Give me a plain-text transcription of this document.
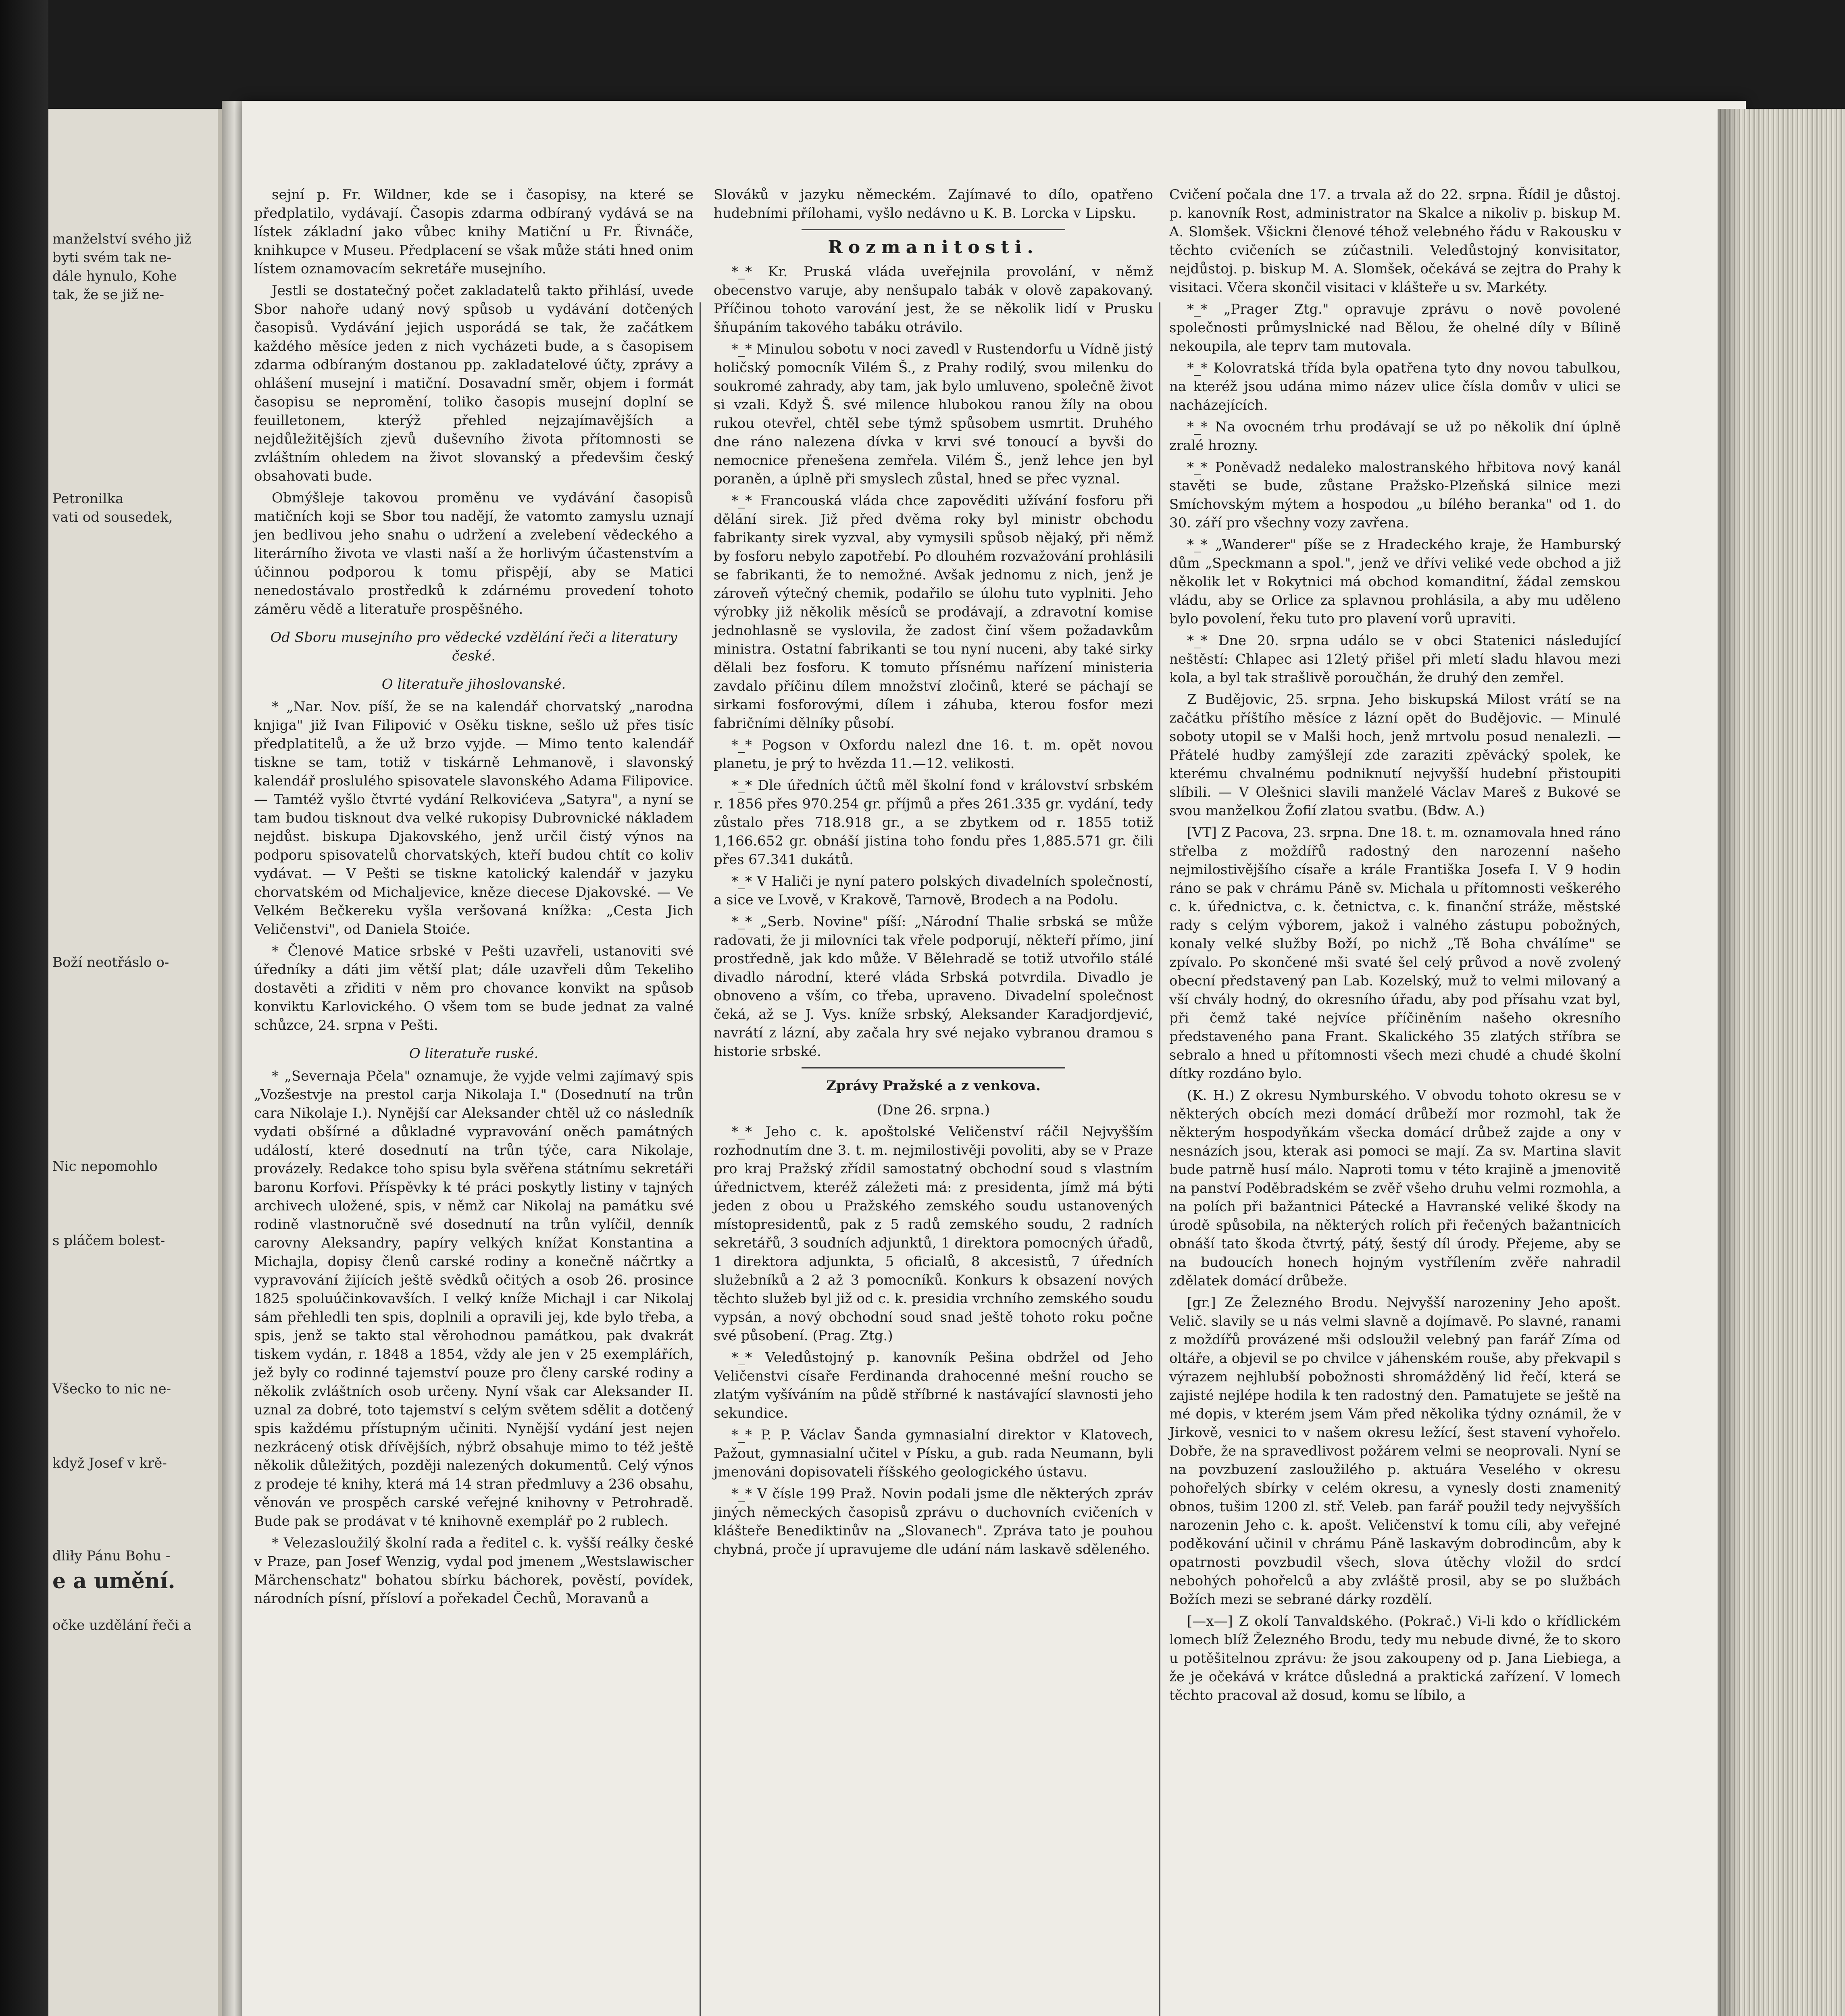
manželství svého již

byti svém tak ne-

dále hynulo, Kohe

tak, že se již ne-

Petronilka

vati od sousedek,

Boží neotřáslo o-

Nic nepomohlo

s pláčem bolest-

Všecko to nic ne-

když Josef v krě-

dliły Pánu Bohu -

e a umění.

očke uzdělání řeči a

sejní p. Fr. Wildner, kde se i časopisy, na které se předplatilo, vydávají. Časopis zdarma odbíraný vydává se na lístek základní jako vůbec knihy Matiční u Fr. Řivnáče, knihkupce v Museu. Předplacení se však může státi hned onim lístem oznamovacím sekretáře musejního.

Jestli se dostatečný počet zakladatelů takto přihlásí, uvede Sbor nahoře udaný nový spůsob u vydávání dotčených časopisů. Vydávání jejich usporádá se tak, že začátkem každého měsíce jeden z nich vycházeti bude, a s časopisem zdarma odbíraným dostanou pp. zakladatelové účty, zprávy a ohlášení musejní i matiční. Dosavadní směr, objem i formát časopisu se nepromění, toliko časopis musejní doplní se feuilletonem, kterýž přehled nejzajímavějších a nejdůležitějších zjevů duševního života přítomnosti se zvláštním ohledem na život slovanský a předevšim český obsahovati bude.

Obmýšleje takovou proměnu ve vydávání časopisů matičních koji se Sbor tou nadějí, že vatomto zamyslu uznají jen bedlivou jeho snahu o udržení a zvelebení vědeckého a literárního života ve vlasti naší a že horlivým účastenstvím a účinnou podporou k tomu přispějí, aby se Matici nenedostávalo prostředků k zdárnému provedení tohoto záměru vědě a literatuře prospěšného.

Od Sboru musejního pro vědecké vzdělání řeči a literatury české.

O literatuře jihoslovanské.

* „Nar. Nov. píší, že se na kalendář chorvatský „narodna knjiga" již Ivan Filipović v Osěku tiskne, sešlo už přes tisíc předplatitelů, a že už brzo vyjde. — Mimo tento kalendář tiskne se tam, totiž v tiskárně Lehmanově, i slavonský kalendář proslulého spisovatele slavonského Adama Filipovice. — Tamtéž vyšlo čtvrté vydání Relkovićeva „Satyra", a nyní se tam budou tisknout dva velké rukopisy Dubrovnické nákladem nejdůst. biskupa Djakovského, jenž určil čistý výnos na podporu spisovatelů chorvatských, kteří budou chtít co koliv vydávat. — V Pešti se tiskne katolický kalendář v jazyku chorvatském od Michaljevice, kněze diecese Djakovské. — Ve Velkém Bečkereku vyšla veršovaná knížka: „Cesta Jich Veličenstvi", od Daniela Stoiće.

* Členové Matice srbské v Pešti uzavřeli, ustanoviti své úředníky a dáti jim větší plat; dále uzavřeli dům Tekeliho dostavěti a zřiditi v něm pro chovance konvikt na spůsob konviktu Karlovického. O všem tom se bude jednat za valné schůzce, 24. srpna v Pešti.

O literatuře ruské.

* „Severnaja Pčela" oznamuje, že vyjde velmi zajímavý spis „Vozšestvje na prestol carja Nikolaja I." (Dosednutí na trůn cara Nikolaje I.). Nynější car Aleksander chtěl už co následník vydati obšírné a důkladné vypravování oněch památných událostí, které dosednutí na trůn týče, cara Nikolaje, provázely. Redakce toho spisu byla svěřena státnímu sekretáři baronu Korfovi. Příspěvky k té práci poskytly listiny v tajných archivech uložené, spis, v němž car Nikolaj na památku své rodině vlastnoručně své dosednutí na trůn vylíčil, denník carovny Aleksandry, papíry velkých knížat Konstantina a Michajla, dopisy členů carské rodiny a konečně náčrtky a vypravování žijících ještě svědků očitých a osob 26. prosince 1825 spoluúčinkovavších. I velký kníže Michajl i car Nikolaj sám přehledli ten spis, doplnili a opravili jej, kde bylo třeba, a spis, jenž se takto stal věrohodnou památkou, pak dvakrát tiskem vydán, r. 1848 a 1854, vždy ale jen v 25 exemplářích, jež byly co rodinné tajemství pouze pro členy carské rodiny a několik zvláštních osob určeny. Nyní však car Aleksander II. uznal za dobré, toto tajemství s celým světem sdělit a dotčený spis každému přístupným učiniti. Nynější vydání jest nejen nezkrácený otisk dřívějších, nýbrž obsahuje mimo to též ještě několik důležitých, později nalezených dokumentů. Celý výnos z prodeje té knihy, která má 14 stran předmluvy a 236 obsahu, věnován ve prospěch carské veřejné knihovny v Petrohradě. Bude pak se prodávat v té knihovně exemplář po 2 rublech.

* Velezasloužilý školní rada a ředitel c. k. vyšší reálky české v Praze, pan Josef Wenzig, vydal pod jmenem „Westslawischer Märchenschatz" bohatou sbírku báchorek, pověstí, povídek, národních písní, přísloví a pořekadel Čechů, Moravanů a

Slováků v jazyku německém. Zajímavé to dílo, opatřeno hudebními přílohami, vyšlo nedávno u K. B. Lorcka v Lipsku.

Rozmanitosti.

*_* Kr. Pruská vláda uveřejnila provolání, v němž obecenstvo varuje, aby nenšupalo tabák v olově zapakovaný. Příčinou tohoto varování jest, že se několik lidí v Prusku šňupáním takového tabáku otrávilo.

*_* Minulou sobotu v noci zavedl v Rustendorfu u Vídně jistý holičský pomocník Vilém Š., z Prahy rodilý, svou milenku do soukromé zahrady, aby tam, jak bylo umluveno, společně život si vzali. Když Š. své milence hlubokou ranou žíly na obou rukou otevřel, chtěl sebe týmž spůsobem usmrtit. Druhého dne ráno nalezena dívka v krvi své tonoucí a byvši do nemocnice přenešena zemřela. Vilém Š., jenž lehce jen byl poraněn, a úplně při smyslech zůstal, hned se přec vyznal.

*_* Francouská vláda chce zapověditi užívání fosforu při dělání sirek. Již před dvěma roky byl ministr obchodu fabrikanty sirek vyzval, aby vymysili spůsob nějaký, při němž by fosforu nebylo zapotřebí. Po dlouhém rozvažování prohlásili se fabrikanti, že to nemožné. Avšak jednomu z nich, jenž je zároveň výtečný chemik, podařilo se úlohu tuto vyplniti. Jeho výrobky již několik měsíců se prodávají, a zdravotní komise jednohlasně se vyslovila, že zadost činí všem požadavkům ministra. Ostatní fabrikanti se tou nyní nuceni, aby také sirky dělali bez fosforu. K tomuto přísnému nařízení ministeria zavdalo příčinu dílem množství zločinů, které se páchají se sirkami fosforovými, dílem i záhuba, kterou fosfor mezi fabričními dělníky působí.

*_* Pogson v Oxfordu nalezl dne 16. t. m. opět novou planetu, je prý to hvězda 11.—12. velikosti.

*_* Dle úředních účtů měl školní fond v království srbském r. 1856 přes 970.254 gr. příjmů a přes 261.335 gr. vydání, tedy zůstalo přes 718.918 gr., a se zbytkem od r. 1855 totiž 1,166.652 gr. obnáší jistina toho fondu přes 1,885.571 gr. čili přes 67.341 dukátů.

*_* V Haliči je nyní patero polských divadelních společností, a sice ve Lvově, v Krakově, Tarnově, Brodech a na Podolu.

*_* „Serb. Novine" píší: „Národní Thalie srbská se může radovati, že ji milovníci tak vřele podporují, někteří přímo, jiní prostředně, jak kdo může. V Bělehradě se totiž utvořilo stálé divadlo národní, které vláda Srbská potvrdila. Divadlo je obnoveno a vším, co třeba, upraveno. Divadelní společnost čeká, až se J. Vys. kníže srbský, Aleksander Karadjordjević, navrátí z lázní, aby začala hry své nejako vybranou dramou s historie srbské.

Zprávy Pražské a z venkova.

(Dne 26. srpna.)

*_* Jeho c. k. apoštolské Veličenství ráčil Nejvyšším rozhodnutím dne 3. t. m. nejmilostivěji povoliti, aby se v Praze pro kraj Pražský zřídil samostatný obchodní soud s vlastním úřednictvem, kteréž záležeti má: z presidenta, jímž má býti jeden z obou u Pražského zemského soudu ustanovených místopresidentů, pak z 5 radů zemského soudu, 2 radních sekretářů, 3 soudních adjunktů, 1 direktora pomocných úřadů, 1 direktora adjunkta, 5 oficialů, 8 akcesistů, 7 úředních služebníků a 2 až 3 pomocníků. Konkurs k obsazení nových těchto služeb byl již od c. k. presidia vrchního zemského soudu vypsán, a nový obchodní soud snad ještě tohoto roku počne své působení. (Prag. Ztg.)

*_* Veledůstojný p. kanovník Pešina obdržel od Jeho Veličenstvi císaře Ferdinanda drahocenné mešní roucho se zlatým vyšíváním na půdě stříbrné k nastávající slavnosti jeho sekundice.

*_* P. P. Václav Šanda gymnasialní direktor v Klatovech, Pažout, gymnasialní učitel v Písku, a gub. rada Neumann, byli jmenováni dopisovateli říšského geologického ústavu.

*_* V čísle 199 Praž. Novin podali jsme dle některých zpráv jiných německých časopisů zprávu o duchovních cvičeních v klášteře Benediktinův na „Slovanech". Zpráva tato je pouhou chybná, proče jí upravujeme dle udání nám laskavě sděleného.

Cvičení počala dne 17. a trvala až do 22. srpna. Řídil je důstoj. p. kanovník Rost, administrator na Skalce a nikoliv p. biskup M. A. Slomšek. Všickni členové téhož velebného řádu v Rakousku v těchto cvičeních se zúčastnili. Veledůstojný konvisitator, nejdůstoj. p. biskup M. A. Slomšek, očekává se zejtra do Prahy k visitaci. Včera skončil visitaci v klášteře u sv. Markéty.

*_* „Prager Ztg." opravuje zprávu o nově povolené společnosti průmyslnické nad Bělou, že ohelné díly v Bílině nekoupila, ale teprv tam mutovala.

*_* Kolovratská třída byla opatřena tyto dny novou tabulkou, na kteréž jsou udána mimo název ulice čísla domův v ulici se nacházejících.

*_* Na ovocném trhu prodávají se už po několik dní úplně zralé hrozny.

*_* Poněvadž nedaleko malostranského hřbitova nový kanál stavěti se bude, zůstane Pražsko-Plzeňská silnice mezi Smíchovským mýtem a hospodou „u bílého beranka" od 1. do 30. září pro všechny vozy zavřena.

*_* „Wanderer" píše se z Hradeckého kraje, že Hamburský dům „Speckmann a spol.", jenž ve dřívi veliké vede obchod a již několik let v Rokytnici má obchod komanditní, žádal zemskou vládu, aby se Orlice za splavnou prohlásila, a aby mu uděleno bylo povolení, řeku tuto pro plavení vorů upraviti.

*_* Dne 20. srpna událo se v obci Statenici následující neštěstí: Chlapec asi 12letý přišel při mletí sladu hlavou mezi kola, a byl tak strašlivě poroučhán, že druhý den zemřel.

Z Budějovic, 25. srpna. Jeho biskupská Milost vrátí se na začátku příštího měsíce z lázní opět do Budějovic. — Minulé soboty utopil se v Malši hoch, jenž mrtvolu posud nenalezli. — Přátelé hudby zamýšlejí zde zaraziti zpěvácký spolek, ke kterému chvalnému podniknutí nejvyšší hudební přistoupiti slíbili. — V Olešnici slavili manželé Václav Mareš z Bukové se svou manželkou Žofií zlatou svatbu. (Bdw. A.)

[VT] Z Pacova, 23. srpna. Dne 18. t. m. oznamovala hned ráno střelba z moždířů radostný den narozenní našeho nejmilostivějšího císaře a krále Františka Josefa I. V 9 hodin ráno se pak v chrámu Páně sv. Michala u přítomnosti veškerého c. k. úřednictva, c. k. četnictva, c. k. finanční stráže, městské rady s celým výborem, jakož i valného zástupu pobožných, konaly velké služby Boží, po nichž „Tě Boha chválíme" se zpívalo. Po skončené mši svaté šel celý průvod a nově zvolený obecní představený pan Lab. Kozelský, muž to velmi milovaný a vší chvály hodný, do okresního úřadu, aby pod přísahu vzat byl, při čemž také nejvíce příčiněním našeho okresního představeného pana Frant. Skalického 35 zlatých stříbra se sebralo a hned u přítomnosti všech mezi chudé a chudé školní dítky rozdáno bylo.

(K. H.) Z okresu Nymburského. V obvodu tohoto okresu se v některých obcích mezi domácí drůbeží mor rozmohl, tak že některým hospodyňkám všecka domácí drůbež zajde a ony v nesnázích jsou, kterak asi pomoci se mají. Za sv. Martina slavit bude patrně husí málo. Naproti tomu v této krajině a jmenovitě na panství Poděbradském se zvěř všeho druhu velmi rozmohla, a na polích při bažantnici Pátecké a Havranské veliké škody na úrodě spůsobila, na některých rolích při řečených bažantnicích obnáší tato škoda čtvrtý, pátý, šestý díl úrody. Přejeme, aby se na budoucích honech hojným vystřílením zvěře nahradil zdělatek domácí drůbeže.

[gr.] Ze Železného Brodu. Nejvyšší narozeniny Jeho apošt. Velič. slavily se u nás velmi slavně a dojímavě. Po slavné, ranami z moždířů provázené mši odsloužil velebný pan farář Zíma od oltáře, a objevil se po chvilce v jáhenském rouše, aby překvapil s výrazem nejhlubší pobožnosti shromážděný lid řečí, která se zajisté nejlépe hodila k ten radostný den. Pamatujete se ještě na mé dopis, v kterém jsem Vám před několika týdny oznámil, že v Jirkově, vesnici to v našem okresu ležící, šest stavení vyhořelo. Dobře, že na spravedlivost požárem velmi se neoprovali. Nyní se na povzbuzení zasloužilého p. aktuára Veselého v okresu pohořelých sbírky v celém okresu, a vynesly dosti znamenitý obnos, tušim 1200 zl. stř. Veleb. pan farář použil tedy nejvyšších narozenin Jeho c. k. apošt. Veličenství k tomu cíli, aby veřejné poděkování učinil v chrámu Páně laskavým dobrodincům, aby k opatrnosti povzbudil všech, slova útěchy vložil do srdcí nebohých pohořelců a aby zvláště prosil, aby se po službách Božích mezi se sebrané dárky rozdělí.

[—x—] Z okolí Tanvaldského. (Pokrač.) Vi-li kdo o křídlickém lomech blíž Železného Brodu, tedy mu nebude divné, že to skoro u potěšitelnou zprávu: že jsou zakoupeny od p. Jana Liebiega, a že je očekává v krátce důsledná a praktická zařízení. V lomech těchto pracoval až dosud, komu se líbilo, a
